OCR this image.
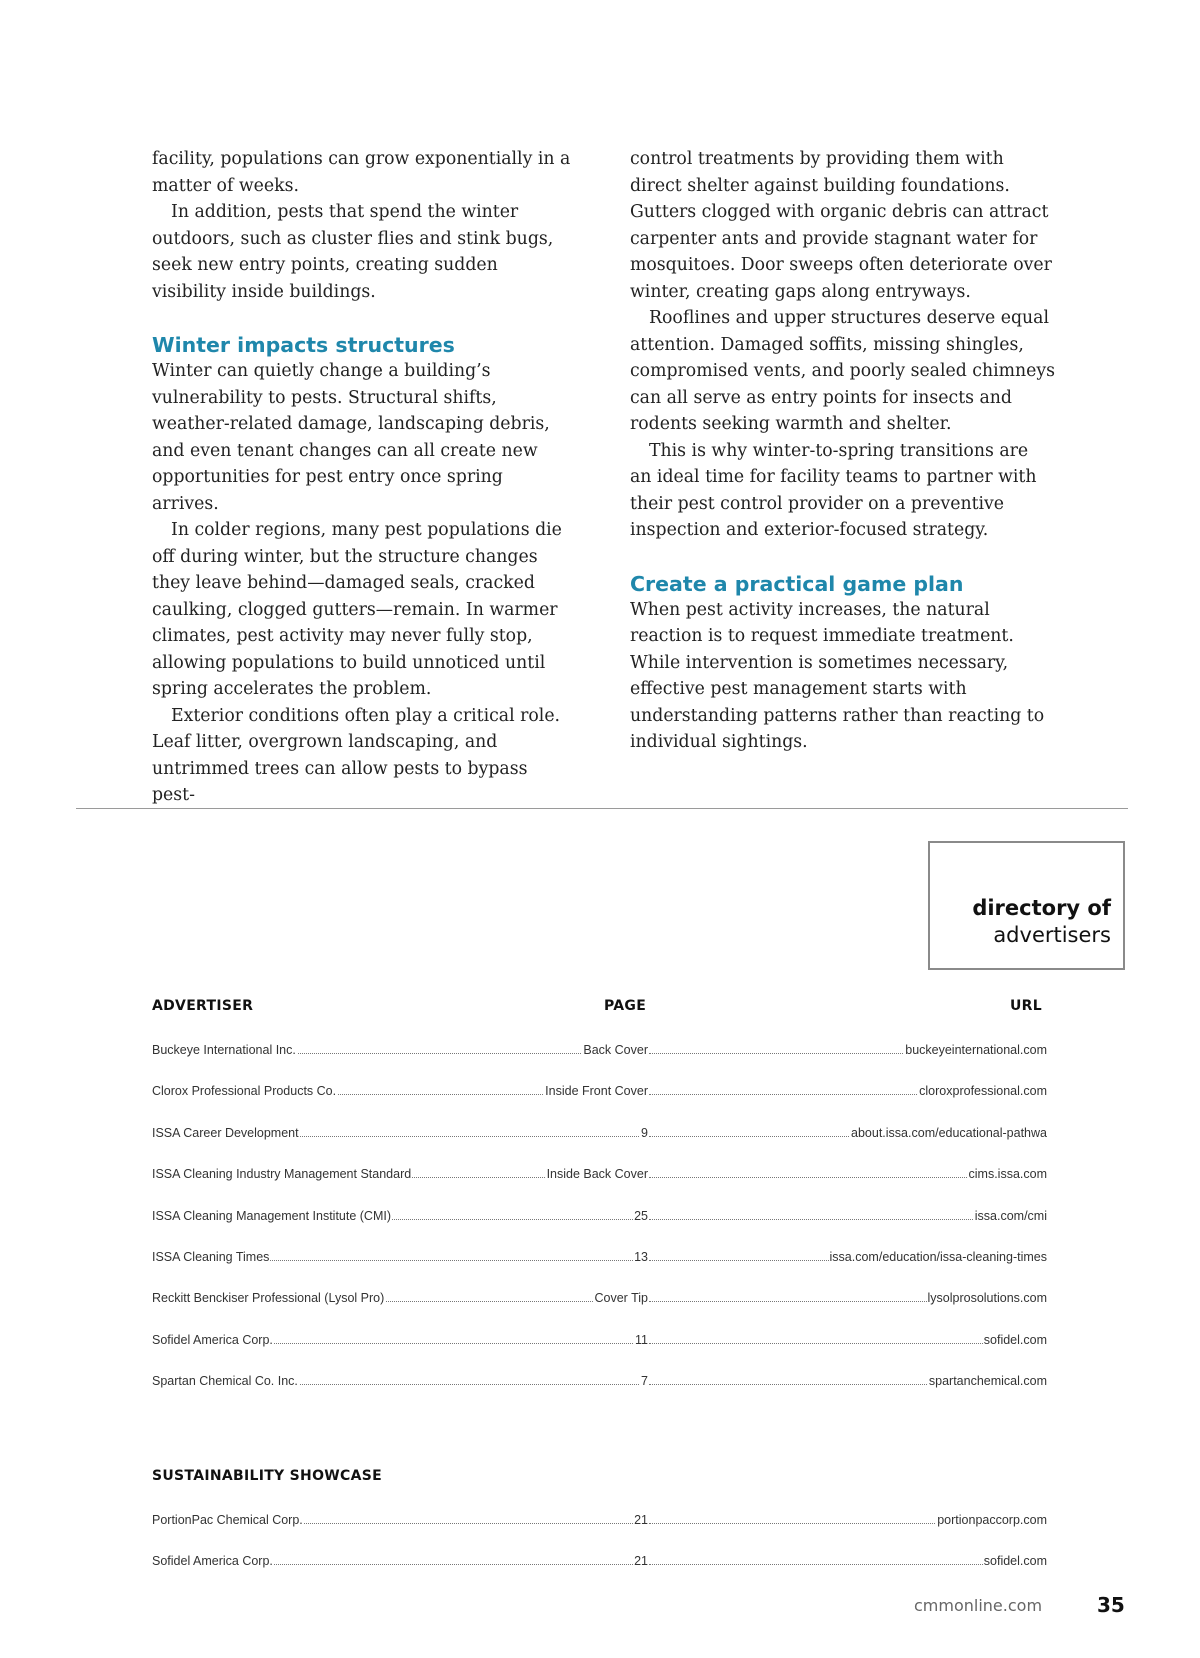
facility, populations can grow exponentially in a matter of weeks.

In addition, pests that spend the winter outdoors, such as cluster flies and stink bugs, seek new entry points, creating sudden visibility inside buildings.

Winter impacts structures

Winter can quietly change a building’s vulnerability to pests. Structural shifts, weather-related damage, landscaping debris, and even tenant changes can all create new opportunities for pest entry once spring arrives.

In colder regions, many pest populations die off during winter, but the structure changes they leave behind—damaged seals, cracked caulking, clogged gutters—remain. In warmer climates, pest activity may never fully stop, allowing populations to build unnoticed until spring accelerates the problem.

Exterior conditions often play a critical role. Leaf litter, overgrown landscaping, and untrimmed trees can allow pests to bypass pest-

control treatments by providing them with direct shelter against building foundations. Gutters clogged with organic debris can attract carpenter ants and provide stagnant water for mosquitoes. Door sweeps often deteriorate over winter, creating gaps along entryways.

Rooflines and upper structures deserve equal attention. Damaged soffits, missing shingles, compromised vents, and poorly sealed chimneys can all serve as entry points for insects and rodents seeking warmth and shelter.

This is why winter-to-spring transitions are an ideal time for facility teams to partner with their pest control provider on a preventive inspection and exterior-focused strategy.

Create a practical game plan

When pest activity increases, the natural reaction is to request immediate treatment. While intervention is sometimes necessary, effective pest management starts with understanding patterns rather than reacting to individual sightings.

directory of
advertisers
ADVERTISER	PAGE	URL
Buckeye International Inc.	Back Cover	buckeyeinternational.com
Clorox Professional Products Co.	Inside Front Cover	cloroxprofessional.com
ISSA Career Development	9	about.issa.com/educational-pathwa
ISSA Cleaning Industry Management Standard	Inside Back Cover	cims.issa.com
ISSA Cleaning Management Institute (CMI)	25	issa.com/cmi
ISSA Cleaning Times	13	issa.com/education/issa-cleaning-times
Reckitt Benckiser Professional (Lysol Pro)	Cover Tip	lysolprosolutions.com
Sofidel America Corp.	11	sofidel.com
Spartan Chemical Co. Inc.	7	spartanchemical.com
SUSTAINABILITY SHOWCASE
PortionPac Chemical Corp.	21	portionpaccorp.com
Sofidel America Corp.	21	sofidel.com
cmmonline.com	35
